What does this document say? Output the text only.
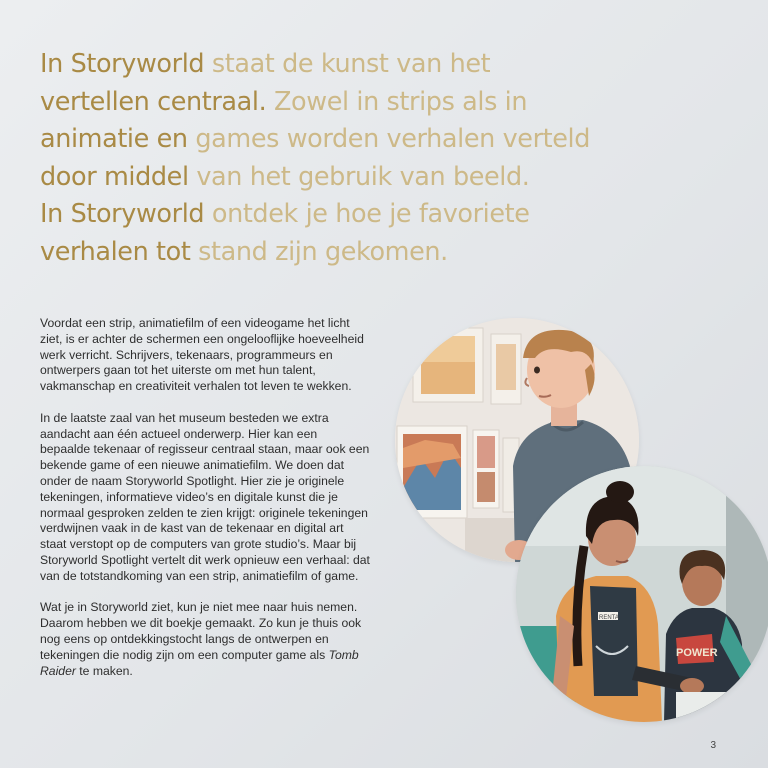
In Storyworld staat de kunst van het
vertellen centraal. Zowel in strips als in
animatie en games worden verhalen verteld
door middel van het gebruik van beeld.
In Storyworld ontdek je hoe je favoriete
verhalen tot stand zijn gekomen.

Voordat een strip, animatiefilm of een videogame het licht ziet, is er achter de schermen een ongelooflijke hoeveelheid werk verricht. Schrijvers, tekenaars, programmeurs en ontwerpers gaan tot het uiterste om met hun talent, vakmanschap en creativiteit verhalen tot leven te wekken.

In de laatste zaal van het museum besteden we extra aandacht aan één actueel onderwerp. Hier kan een bepaalde tekenaar of regisseur centraal staan, maar ook een bekende game of een nieuwe animatiefilm. We doen dat onder de naam Storyworld Spotlight. Hier zie je originele tekeningen, informatieve video’s en digitale kunst die je normaal gesproken zelden te zien krijgt: originele tekeningen verdwijnen vaak in de kast van de tekenaar en digital art staat verstopt op de computers van grote studio’s. Maar bij Storyworld Spotlight vertelt dit werk opnieuw een verhaal: dat van de totstandkoming van een strip, animatiefilm of game.

Wat je in Storyworld ziet, kun je niet mee naar huis nemen. Daarom hebben we dit boekje gemaakt. Zo kun je thuis ook nog eens op ontdekkingstocht langs de ontwerpen en tekeningen die nodig zijn om een computer game als Tomb Raider te maken.

RENTA
POWER
3
